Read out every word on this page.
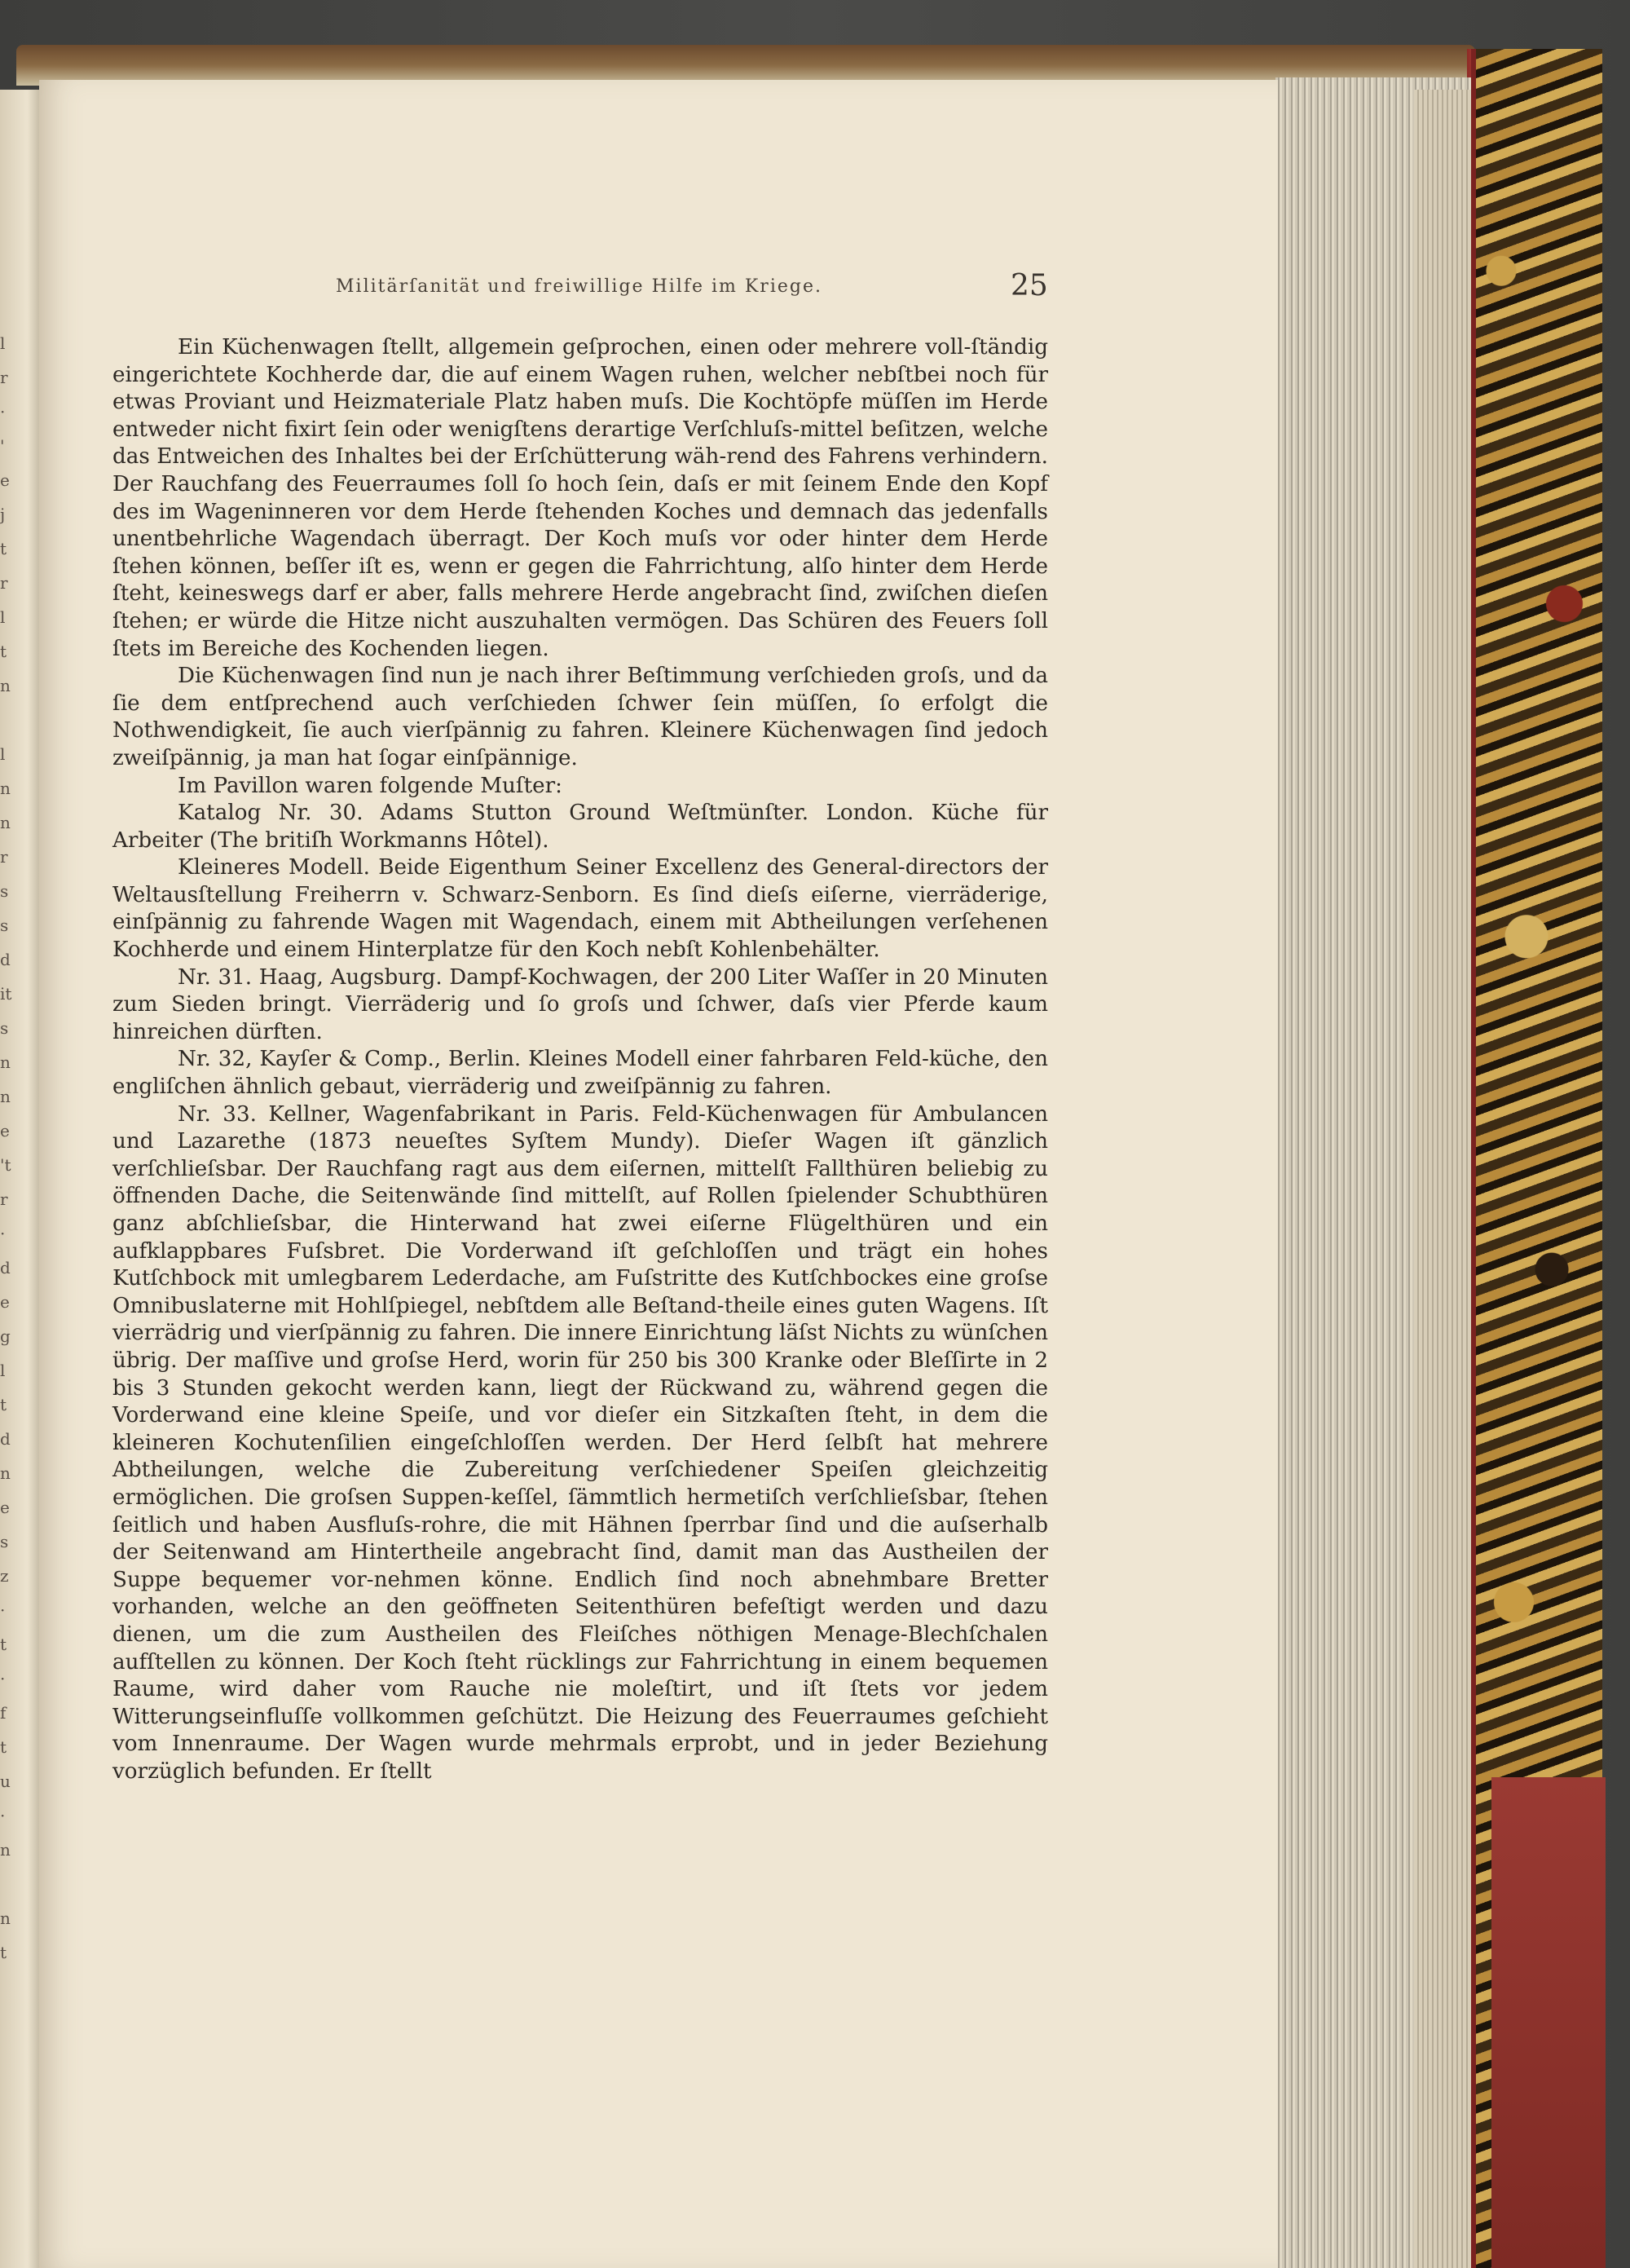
l
r
·
'
e
j
t
r
l
t
n

l
n
n
r
s
s
d
it
s
n
n
e
't
r
·
d
e
g
l
t
d
n
e
s
z
·
t
·
f
t
u
·
n

n
t
Militärſanität und freiwillige Hilfe im Kriege.	25

Ein Küchenwagen ſtellt, allgemein geſprochen, einen oder mehrere voll-ſtändig eingerichtete Kochherde dar, die auf einem Wagen ruhen, welcher nebſtbei noch für etwas Proviant und Heizmateriale Platz haben muſs. Die Kochtöpfe müſſen im Herde entweder nicht fixirt ſein oder wenigſtens derartige Verſchluſs-mittel beſitzen, welche das Entweichen des Inhaltes bei der Erſchütterung wäh-rend des Fahrens verhindern. Der Rauchfang des Feuerraumes ſoll ſo hoch ſein, daſs er mit ſeinem Ende den Kopf des im Wageninneren vor dem Herde ſtehenden Koches und demnach das jedenfalls unentbehrliche Wagendach überragt. Der Koch muſs vor oder hinter dem Herde ſtehen können, beſſer iſt es, wenn er gegen die Fahrrichtung, alſo hinter dem Herde ſteht, keineswegs darf er aber, falls mehrere Herde angebracht ſind, zwiſchen dieſen ſtehen; er würde die Hitze nicht auszuhalten vermögen. Das Schüren des Feuers ſoll ſtets im Bereiche des Kochenden liegen.

Die Küchenwagen ſind nun je nach ihrer Beſtimmung verſchieden groſs, und da ſie dem entſprechend auch verſchieden ſchwer ſein müſſen, ſo erfolgt die Nothwendigkeit, ſie auch vierſpännig zu fahren. Kleinere Küchenwagen ſind jedoch zweiſpännig, ja man hat ſogar einſpännige.

Im Pavillon waren folgende Muſter:

Katalog Nr. 30. Adams Stutton Ground Weſtmünſter. London. Küche für Arbeiter (The britiſh Workmanns Hôtel).

Kleineres Modell. Beide Eigenthum Seiner Excellenz des General-directors der Weltausſtellung Freiherrn v. Schwarz-Senborn. Es ſind dieſs eiſerne, vierräderige, einſpännig zu fahrende Wagen mit Wagendach, einem mit Abtheilungen verſehenen Kochherde und einem Hinterplatze für den Koch nebſt Kohlenbehälter.

Nr. 31. Haag, Augsburg. Dampf-Kochwagen, der 200 Liter Waſſer in 20 Minuten zum Sieden bringt. Vierräderig und ſo groſs und ſchwer, daſs vier Pferde kaum hinreichen dürften.

Nr. 32, Kayſer & Comp., Berlin. Kleines Modell einer fahrbaren Feld-küche, den engliſchen ähnlich gebaut, vierräderig und zweiſpännig zu fahren.

Nr. 33. Kellner, Wagenfabrikant in Paris. Feld-Küchenwagen für Ambulancen und Lazarethe (1873 neueſtes Syſtem Mundy). Dieſer Wagen iſt gänzlich verſchlieſsbar. Der Rauchfang ragt aus dem eiſernen, mittelſt Fallthüren beliebig zu öffnenden Dache, die Seitenwände ſind mittelſt, auf Rollen ſpielender Schubthüren ganz abſchlieſsbar, die Hinterwand hat zwei eiſerne Flügelthüren und ein aufklappbares Fuſsbret. Die Vorderwand iſt geſchloſſen und trägt ein hohes Kutſchbock mit umlegbarem Lederdache, am Fuſstritte des Kutſchbockes eine groſse Omnibuslaterne mit Hohlſpiegel, nebſtdem alle Beſtand-theile eines guten Wagens. Iſt vierrädrig und vierſpännig zu fahren. Die innere Einrichtung läſst Nichts zu wünſchen übrig. Der maſſive und groſse Herd, worin für 250 bis 300 Kranke oder Bleſſirte in 2 bis 3 Stunden gekocht werden kann, liegt der Rückwand zu, während gegen die Vorderwand eine kleine Speiſe, und vor dieſer ein Sitzkaſten ſteht, in dem die kleineren Kochutenſilien eingeſchloſſen werden. Der Herd ſelbſt hat mehrere Abtheilungen, welche die Zubereitung verſchiedener Speiſen gleichzeitig ermöglichen. Die groſsen Suppen-keſſel, ſämmtlich hermetiſch verſchlieſsbar, ſtehen ſeitlich und haben Ausfluſs-rohre, die mit Hähnen ſperrbar ſind und die auſserhalb der Seitenwand am Hintertheile angebracht ſind, damit man das Austheilen der Suppe bequemer vor-nehmen könne. Endlich ſind noch abnehmbare Bretter vorhanden, welche an den geöffneten Seitenthüren befeſtigt werden und dazu dienen, um die zum Austheilen des Fleiſches nöthigen Menage-Blechſchalen aufſtellen zu können. Der Koch ſteht rücklings zur Fahrrichtung in einem bequemen Raume, wird daher vom Rauche nie moleſtirt, und iſt ſtets vor jedem Witterungseinfluſſe vollkommen geſchützt. Die Heizung des Feuerraumes geſchieht vom Innenraume. Der Wagen wurde mehrmals erprobt, und in jeder Beziehung vorzüglich befunden. Er ſtellt
